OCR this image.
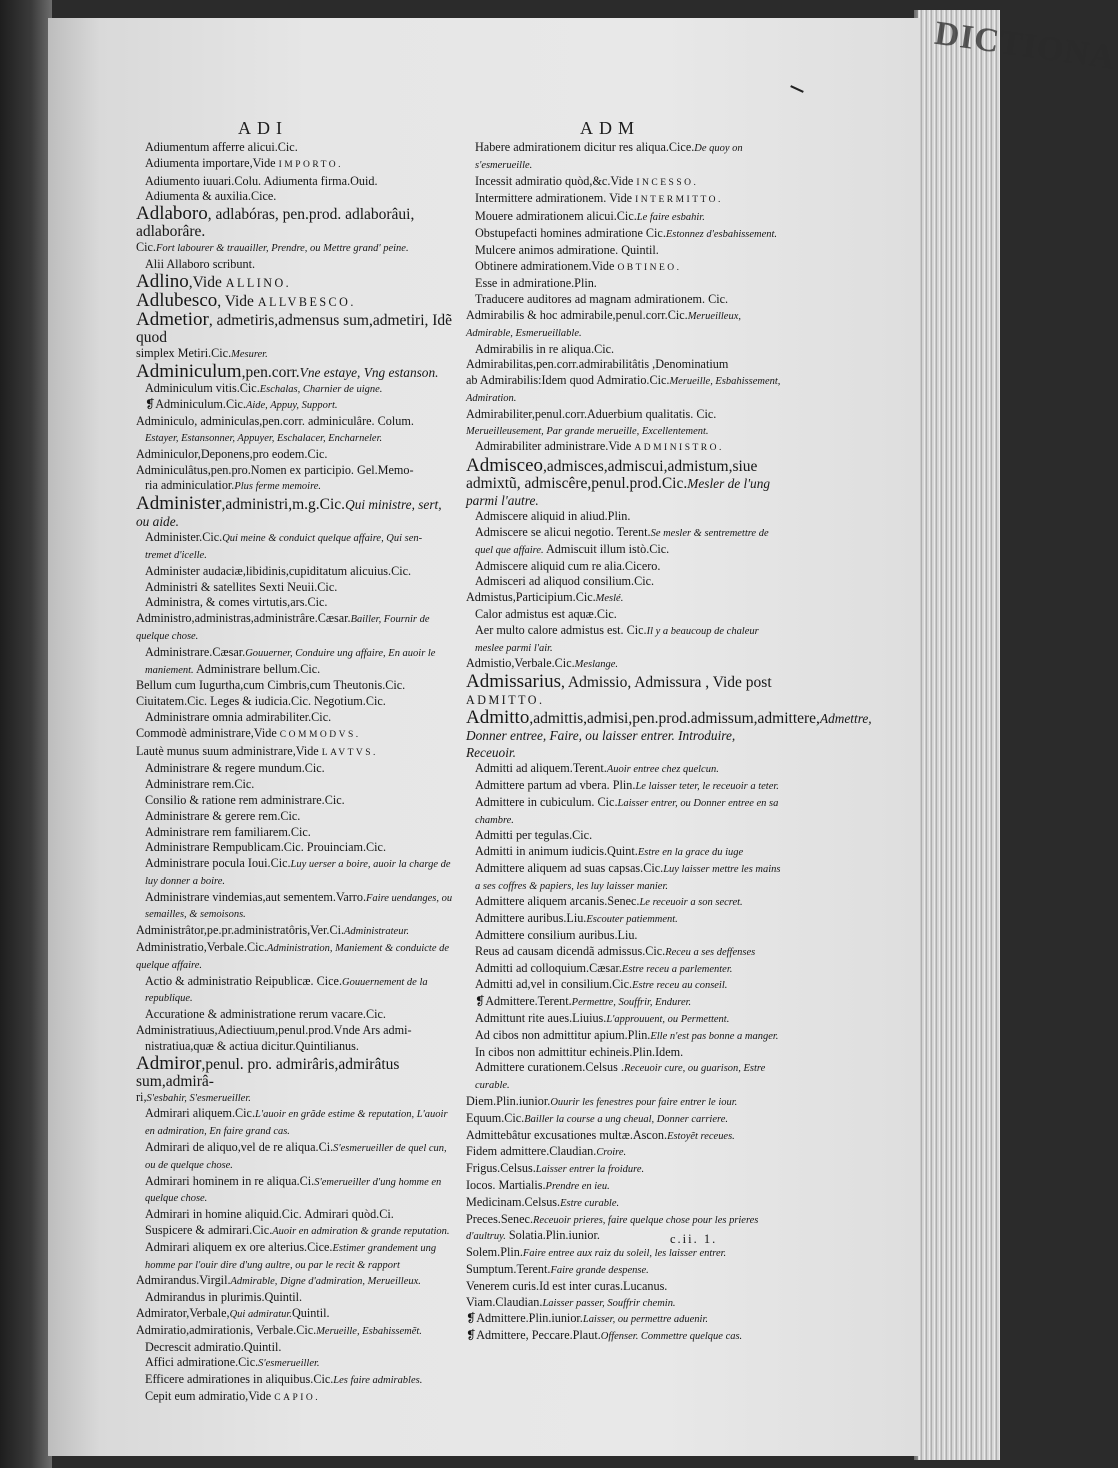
DICTIONA
ADI	ADM

Adiumentum afferre alicui.Cic.

Adiumenta importare,Vide IMPORTO.

Adiumento iuuari.Colu. Adiumenta firma.Ouid.

Adiumenta & auxilia.Cice.

Adlaboro, adlabóras, pen.prod. adlaborâui, adlaborâre.

Cic.Fort labourer & trauailler, Prendre, ou Mettre grand' peine.

Alii Allaboro scribunt.

Adlino,Vide ALLINO.

Adlubesco, Vide ALLVBESCO.

Admetior, admetiris,admensus sum,admetiri, Idẽ quod

simplex Metiri.Cic.Mesurer.

Adminiculum,pen.corr.Vne estaye, Vng estanson.

Adminiculum vitis.Cic.Eschalas, Charnier de uigne.

❡Adminiculum.Cic.Aide, Appuy, Support.

Adminiculo, adminiculas,pen.corr. adminiculâre. Colum.

Estayer, Estansonner, Appuyer, Eschalacer, Encharneler.

Adminiculor,Deponens,pro eodem.Cic.

Adminiculâtus,pen.pro.Nomen ex participio. Gel.Memo-

ria adminiculatior.Plus ferme memoire.

Administer,administri,m.g.Cic.Qui ministre, sert, ou aide.

Administer.Cic.Qui meine & conduict quelque affaire, Qui sen-

tremet d'icelle.

Administer audaciæ,libidinis,cupiditatum alicuius.Cic.

Administri & satellites Sexti Neuii.Cic.

Administra, & comes virtutis,ars.Cic.

Administro,administras,administrâre.Cæsar.Bailler, Fournir de quelque chose.

Administrare.Cæsar.Gouuerner, Conduire ung affaire, En auoir le maniement. Administrare bellum.Cic.

Bellum cum Iugurtha,cum Cimbris,cum Theutonis.Cic.

Ciuitatem.Cic. Leges & iudicia.Cic. Negotium.Cic.

Administrare omnia admirabiliter.Cic.

Commodè administrare,Vide COMMODVS.

Lautè munus suum administrare,Vide LAVTVS.

Administrare & regere mundum.Cic.

Administrare rem.Cic.

Consilio & ratione rem administrare.Cic.

Administrare & gerere rem.Cic.

Administrare rem familiarem.Cic.

Administrare Rempublicam.Cic. Prouinciam.Cic.

Administrare pocula Ioui.Cic.Luy uerser a boire, auoir la charge de luy donner a boire.

Administrare vindemias,aut sementem.Varro.Faire uendanges, ou semailles, & semoisons.

Administrâtor,pe.pr.administratôris,Ver.Ci.Administrateur.

Administratio,Verbale.Cic.Administration, Maniement & conduicte de quelque affaire.

Actio & administratio Reipublicæ. Cice.Gouuernement de la republique.

Accuratione & administratione rerum vacare.Cic.

Administratiuus,Adiectiuum,penul.prod.Vnde Ars admi-

nistratiua,quæ & actiua dicitur.Quintilianus.

Admiror,penul. pro. admirâris,admirâtus sum,admirâ-

ri,S'esbahir, S'esmerueiller.

Admirari aliquem.Cic.L'auoir en grãde estime & reputation, L'auoir en admiration, En faire grand cas.

Admirari de aliquo,vel de re aliqua.Ci.S'esmerueiller de quel cun, ou de quelque chose.

Admirari hominem in re aliqua.Ci.S'emerueiller d'ung homme en quelque chose.

Admirari in homine aliquid.Cic. Admirari quòd.Ci.

Suspicere & admirari.Cic.Auoir en admiration & grande reputation.

Admirari aliquem ex ore alterius.Cice.Estimer grandement ung homme par l'ouir dire d'ung aultre, ou par le recit & rapport

Admirandus.Virgil.Admirable, Digne d'admiration, Merueilleux.

Admirandus in plurimis.Quintil.

Admirator,Verbale,Qui admiratur.Quintil.

Admiratio,admirationis, Verbale.Cic.Merueille, Esbahissemẽt.

Decrescit admiratio.Quintil.

Affici admiratione.Cic.S'esmerueiller.

Efficere admirationes in aliquibus.Cic.Les faire admirables.

Cepit eum admiratio,Vide CAPIO.

Habere admirationem dicitur res aliqua.Cice.De quoy on s'esmerueille.

Incessit admiratio quòd,&c.Vide INCESSO.

Intermittere admirationem. Vide INTERMITTO.

Mouere admirationem alicui.Cic.Le faire esbahir.

Obstupefacti homines admiratione Cic.Estonnez d'esbahissement. Mulcere animos admiratione. Quintil.

Obtinere admirationem.Vide OBTINEO.

Esse in admiratione.Plin.

Traducere auditores ad magnam admirationem. Cic.

Admirabilis & hoc admirabile,penul.corr.Cic.Merueilleux, Admirable, Esmerueillable.

Admirabilis in re aliqua.Cic.

Admirabilitas,pen.corr.admirabilitâtis ,Denominatium

ab Admirabilis:Idem quod Admiratio.Cic.Merueille, Esbahissement, Admiration.

Admirabiliter,penul.corr.Aduerbium qualitatis. Cic.

Merueilleusement, Par grande merueille, Excellentement.

Admirabiliter administrare.Vide ADMINISTRO.

Admisceo,admisces,admiscui,admistum,siue admixtũ, admiscêre,penul.prod.Cic.Mesler de l'ung parmi l'autre.

Admiscere aliquid in aliud.Plin.

Admiscere se alicui negotio. Terent.Se mesler & sentremettre de quel que affaire. Admiscuit illum istò.Cic.

Admiscere aliquid cum re alia.Cicero.

Admisceri ad aliquod consilium.Cic.

Admistus,Participium.Cic.Meslé.

Calor admistus est aquæ.Cic.

Aer multo calore admistus est. Cic.Il y a beaucoup de chaleur meslee parmi l'air.

Admistio,Verbale.Cic.Meslange.

Admissarius, Admissio, Admissura , Vide post ADMITTO.

Admitto,admittis,admisi,pen.prod.admissum,admittere,Admettre, Donner entree, Faire, ou laisser entrer. Introduire, Receuoir.

Admitti ad aliquem.Terent.Auoir entree chez quelcun.

Admittere partum ad vbera. Plin.Le laisser teter, le receuoir a teter.

Admittere in cubiculum. Cic.Laisser entrer, ou Donner entree en sa chambre.

Admitti per tegulas.Cic.

Admitti in animum iudicis.Quint.Estre en la grace du iuge

Admittere aliquem ad suas capsas.Cic.Luy laisser mettre les mains a ses coffres & papiers, les luy laisser manier.

Admittere aliquem arcanis.Senec.Le receuoir a son secret.

Admittere auribus.Liu.Escouter patiemment.

Admittere consilium auribus.Liu.

Reus ad causam dicendã admissus.Cic.Receu a ses deffenses

Admitti ad colloquium.Cæsar.Estre receu a parlementer.

Admitti ad,vel in consilium.Cic.Estre receu au conseil.

❡Admittere.Terent.Permettre, Souffrir, Endurer.

Admittunt rite aues.Liuius.L'approuuent, ou Permettent.

Ad cibos non admittitur apium.Plin.Elle n'est pas bonne a manger.

In cibos non admittitur echineis.Plin.Idem.

Admittere curationem.Celsus .Receuoir cure, ou guarison, Estre curable.

Diem.Plin.iunior.Ouurir les fenestres pour faire entrer le iour.

Equum.Cic.Bailler la course a ung cheual, Donner carriere.

Admittebâtur excusationes multæ.Ascon.Estoyẽt receues.

Fidem admittere.Claudian.Croire.

Frigus.Celsus.Laisser entrer la froidure.

Iocos. Martialis.Prendre en ieu.

Medicinam.Celsus.Estre curable.

Preces.Senec.Receuoir prieres, faire quelque chose pour les prieres d'aultruy. Solatia.Plin.iunior.

Solem.Plin.Faire entree aux raiz du soleil, les laisser entrer.

Sumptum.Terent.Faire grande despense.

Venerem curis.Id est inter curas.Lucanus.

Viam.Claudian.Laisser passer, Souffrir chemin.

❡Admittere.Plin.iunior.Laisser, ou permettre aduenir.

❡Admittere, Peccare.Plaut.Offenser. Commettre quelque cas.

c.ii. 1.
